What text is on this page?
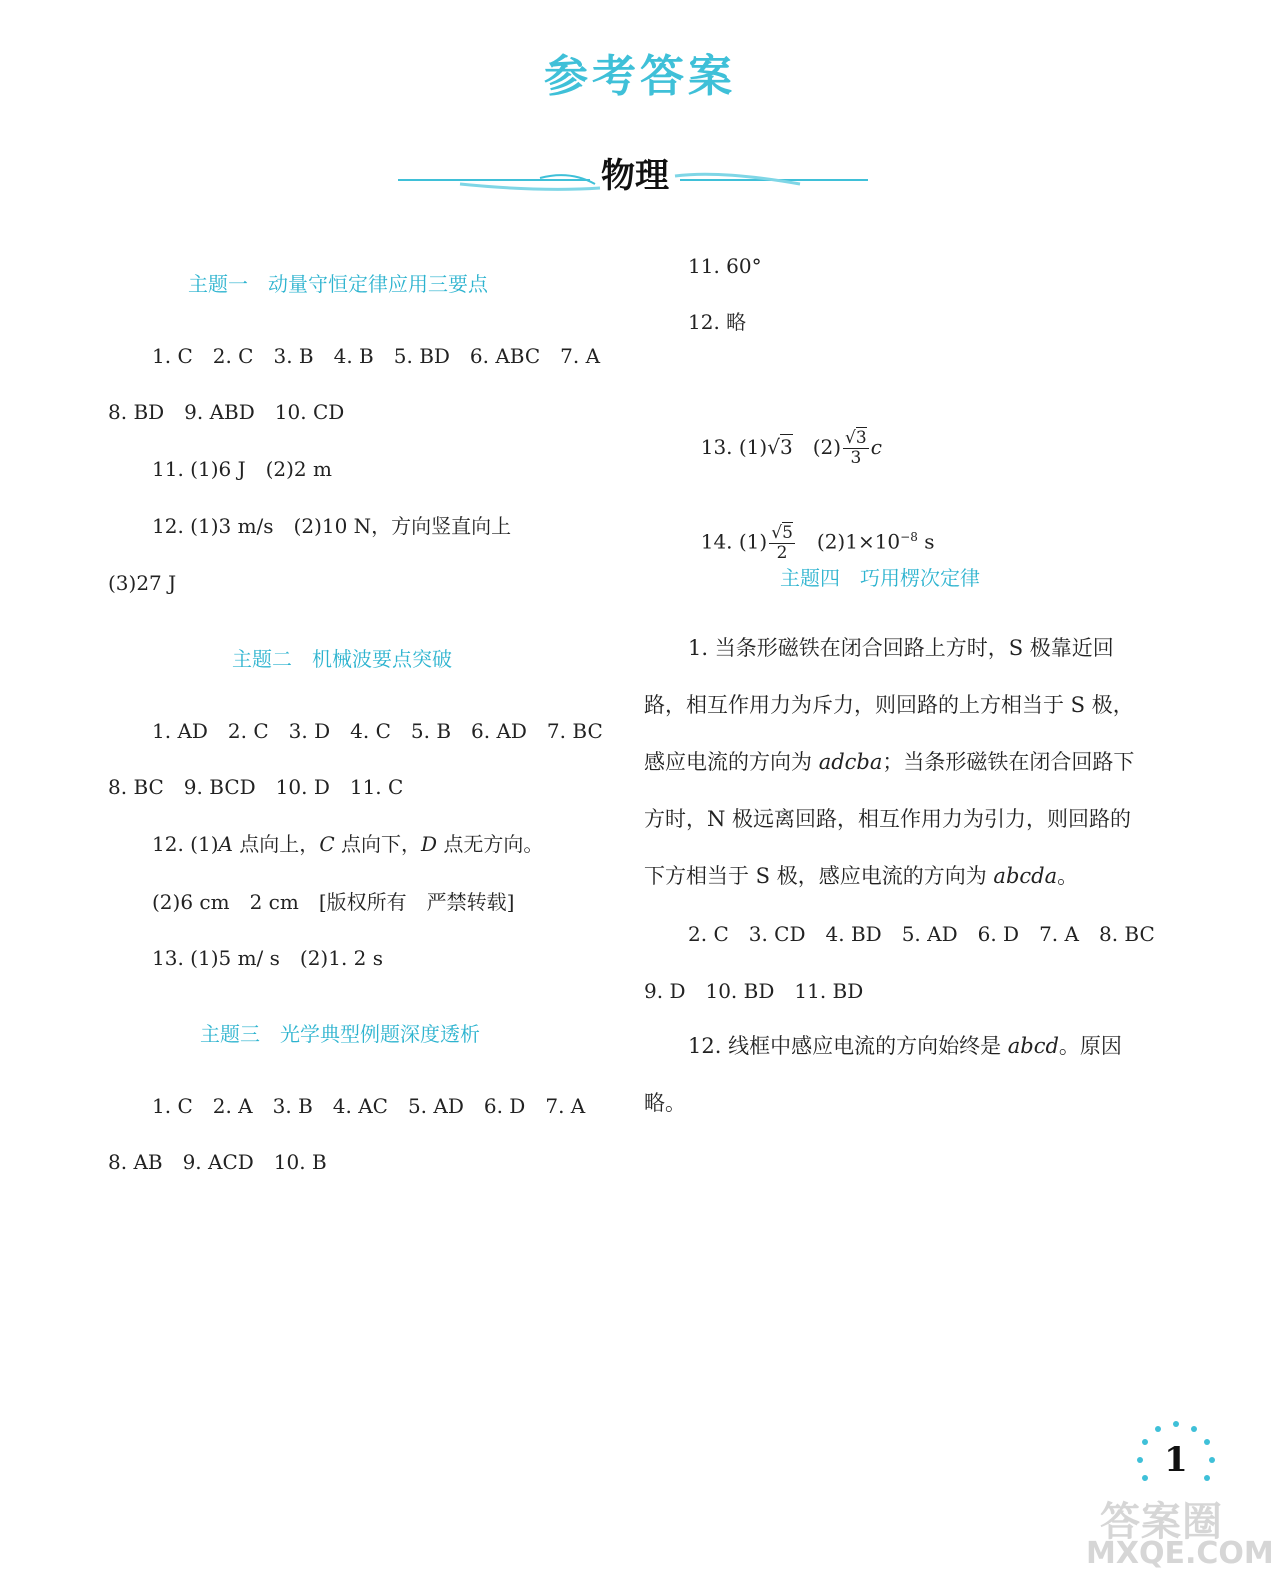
参考答案
物理
主题一　动量守恒定律应用三要点
1. C　2. C　3. B　4. B　5. BD　6. ABC　7. A
8. BD　9. ABD　10. CD
11. (1)6 J　(2)2 m
12. (1)3 m/s　(2)10 N，方向竖直向上
(3)27 J
主题二　机械波要点突破
1. AD　2. C　3. D　4. C　5. B　6. AD　7. BC
8. BC　9. BCD　10. D　11. C
12. (1)A 点向上，C 点向下，D 点无方向。
(2)6 cm　2 cm　[版权所有　严禁转载]
13. (1)5 m/ s　(2)1. 2 s
主题三　光学典型例题深度透析
1. C　2. A　3. B　4. AC　5. AD　6. D　7. A
8. AB　9. ACD　10. B
11. 60°
12. 略

13. (1)√3　$(2) \frac{√3}{3}$ c

14. $(1) \frac{√5}{2}$ 　$(2)1\times 10^{-8}$ s

主题四　巧用楞次定律
1. 当条形磁铁在闭合回路上方时，S 极靠近回路，相互作用力为斥力，则回路的上方相当于 S 极，感应电流的方向为 adcba；当条形磁铁在闭合回路下方时，N 极远离回路，相互作用力为引力，则回路的下方相当于 S 极，感应电流的方向为 abcda。
2. C　3. CD　4. BD　5. AD　6. D　7. A　8. BC
9. D　10. BD　11. BD
12. 线框中感应电流的方向始终是 abcd。原因略。
1
答案圈
MXQE.COM
